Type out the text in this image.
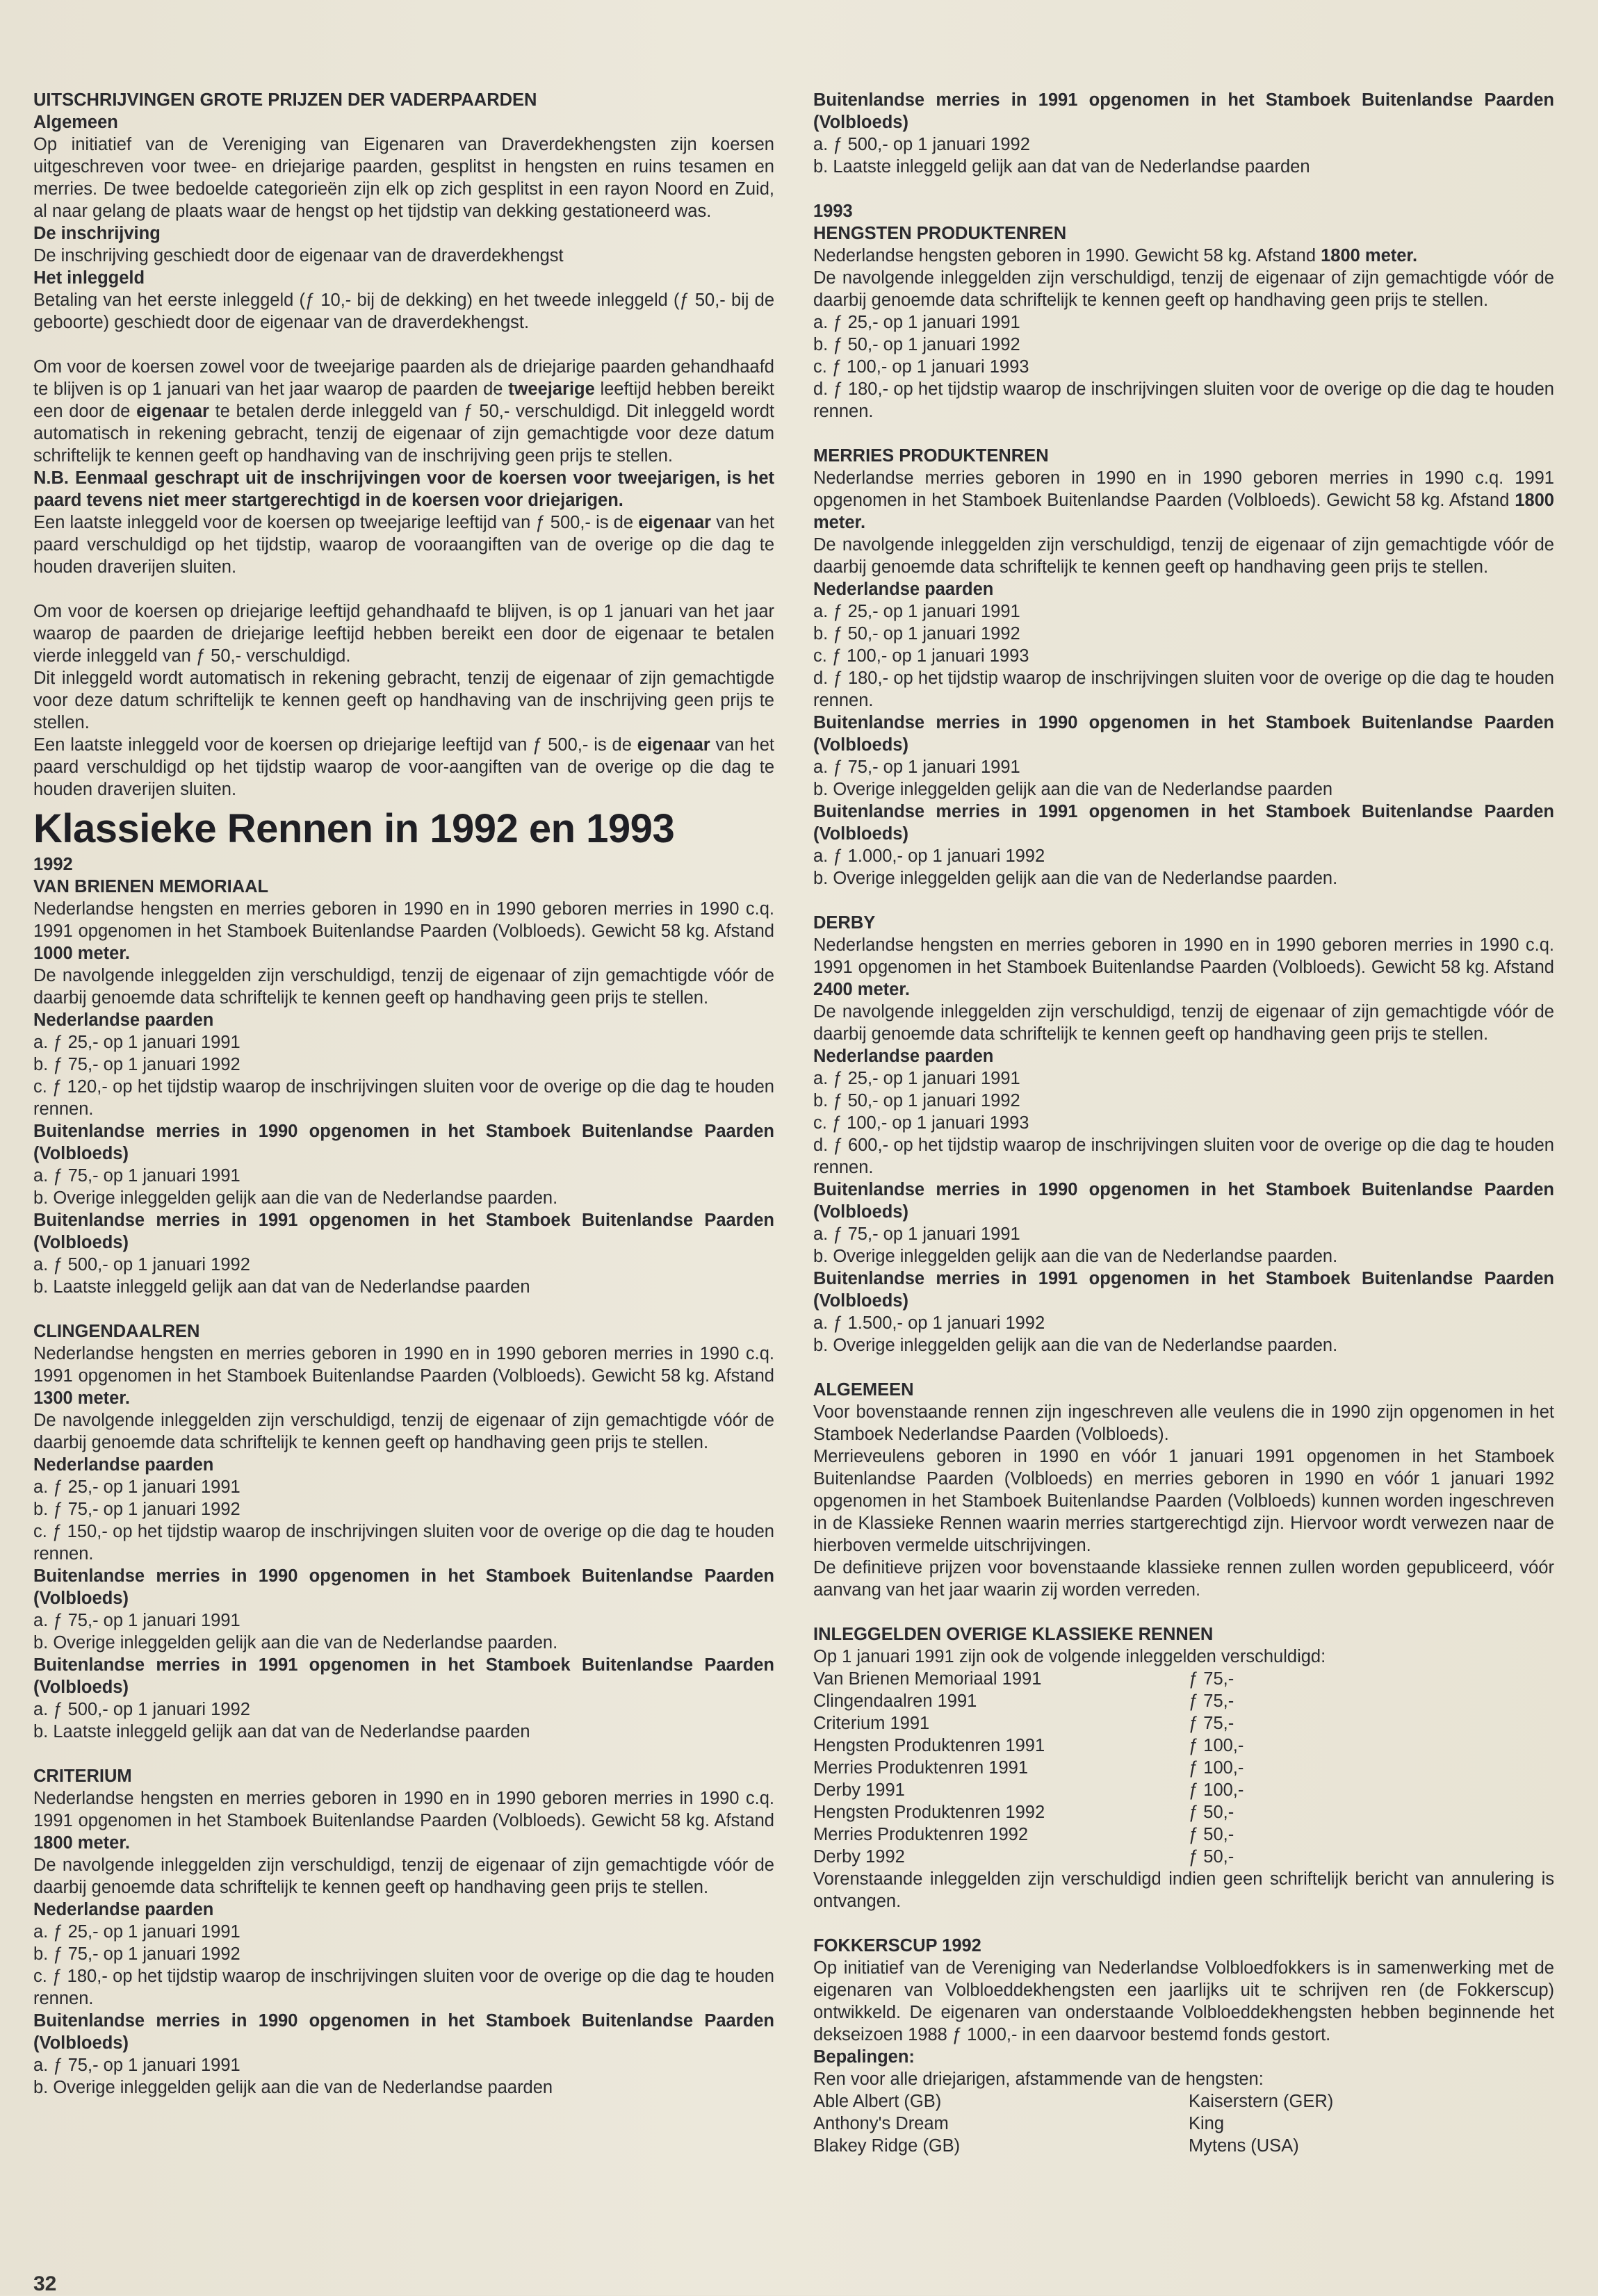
UITSCHRIJVINGEN GROTE PRIJZEN DER VADERPAARDEN

Algemeen

Op initiatief van de Vereniging van Eigenaren van Draverdekhengsten zijn koersen uitgeschreven voor twee- en driejarige paarden, gesplitst in hengsten en ruins tesamen en merries. De twee bedoelde categorieën zijn elk op zich gesplitst in een rayon Noord en Zuid, al naar gelang de plaats waar de hengst op het tijdstip van dekking gestationeerd was.

De inschrijving

De inschrijving geschiedt door de eigenaar van de draverdekhengst

Het inleggeld

Betaling van het eerste inleggeld (ƒ 10,- bij de dekking) en het tweede inleggeld (ƒ 50,- bij de geboorte) geschiedt door de eigenaar van de draverdekhengst.

Om voor de koersen zowel voor de tweejarige paarden als de driejarige paarden gehandhaafd te blijven is op 1 januari van het jaar waarop de paarden de tweejarige leeftijd hebben bereikt een door de eigenaar te betalen derde inleggeld van ƒ 50,- verschuldigd. Dit inleggeld wordt automatisch in rekening gebracht, tenzij de eigenaar of zijn gemachtigde voor deze datum schriftelijk te kennen geeft op handhaving van de inschrijving geen prijs te stellen.

N.B. Eenmaal geschrapt uit de inschrijvingen voor de koersen voor tweejarigen, is het paard tevens niet meer startgerechtigd in de koersen voor driejarigen.

Een laatste inleggeld voor de koersen op tweejarige leeftijd van ƒ 500,- is de eigenaar van het paard verschuldigd op het tijdstip, waarop de vooraangiften van de overige op die dag te houden draverijen sluiten.

Om voor de koersen op driejarige leeftijd gehandhaafd te blijven, is op 1 januari van het jaar waarop de paarden de driejarige leeftijd hebben bereikt een door de eigenaar te betalen vierde inleggeld van ƒ 50,- verschuldigd.

Dit inleggeld wordt automatisch in rekening gebracht, tenzij de eigenaar of zijn gemachtigde voor deze datum schriftelijk te kennen geeft op handhaving van de inschrijving geen prijs te stellen.

Een laatste inleggeld voor de koersen op driejarige leeftijd van ƒ 500,- is de eigenaar van het paard verschuldigd op het tijdstip waarop de voor-aangiften van de overige op die dag te houden draverijen sluiten.

Klassieke Rennen in 1992 en 1993

1992

VAN BRIENEN MEMORIAAL

Nederlandse hengsten en merries geboren in 1990 en in 1990 geboren merries in 1990 c.q. 1991 opgenomen in het Stamboek Buitenlandse Paarden (Volbloeds). Gewicht 58 kg. Afstand 1000 meter.

De navolgende inleggelden zijn verschuldigd, tenzij de eigenaar of zijn gemachtigde vóór de daarbij genoemde data schriftelijk te kennen geeft op handhaving geen prijs te stellen.

Nederlandse paarden

a. ƒ 25,- op 1 januari 1991

b. ƒ 75,- op 1 januari 1992

c. ƒ 120,- op het tijdstip waarop de inschrijvingen sluiten voor de overige op die dag te houden rennen.

Buitenlandse merries in 1990 opgenomen in het Stamboek Buitenlandse Paarden (Volbloeds)

a. ƒ 75,- op 1 januari 1991

b. Overige inleggelden gelijk aan die van de Nederlandse paarden.

Buitenlandse merries in 1991 opgenomen in het Stamboek Buitenlandse Paarden (Volbloeds)

a. ƒ 500,- op 1 januari 1992

b. Laatste inleggeld gelijk aan dat van de Nederlandse paarden

CLINGENDAALREN

Nederlandse hengsten en merries geboren in 1990 en in 1990 geboren merries in 1990 c.q. 1991 opgenomen in het Stamboek Buitenlandse Paarden (Volbloeds). Gewicht 58 kg. Afstand 1300 meter.

De navolgende inleggelden zijn verschuldigd, tenzij de eigenaar of zijn gemachtigde vóór de daarbij genoemde data schriftelijk te kennen geeft op handhaving geen prijs te stellen.

Nederlandse paarden

a. ƒ 25,- op 1 januari 1991

b. ƒ 75,- op 1 januari 1992

c. ƒ 150,- op het tijdstip waarop de inschrijvingen sluiten voor de overige op die dag te houden rennen.

Buitenlandse merries in 1990 opgenomen in het Stamboek Buitenlandse Paarden (Volbloeds)

a. ƒ 75,- op 1 januari 1991

b. Overige inleggelden gelijk aan die van de Nederlandse paarden.

Buitenlandse merries in 1991 opgenomen in het Stamboek Buitenlandse Paarden (Volbloeds)

a. ƒ 500,- op 1 januari 1992

b. Laatste inleggeld gelijk aan dat van de Nederlandse paarden

CRITERIUM

Nederlandse hengsten en merries geboren in 1990 en in 1990 geboren merries in 1990 c.q. 1991 opgenomen in het Stamboek Buitenlandse Paarden (Volbloeds). Gewicht 58 kg. Afstand 1800 meter.

De navolgende inleggelden zijn verschuldigd, tenzij de eigenaar of zijn gemachtigde vóór de daarbij genoemde data schriftelijk te kennen geeft op handhaving geen prijs te stellen.

Nederlandse paarden

a. ƒ 25,- op 1 januari 1991

b. ƒ 75,- op 1 januari 1992

c. ƒ 180,- op het tijdstip waarop de inschrijvingen sluiten voor de overige op die dag te houden rennen.

Buitenlandse merries in 1990 opgenomen in het Stamboek Buitenlandse Paarden (Volbloeds)

a. ƒ 75,- op 1 januari 1991

b. Overige inleggelden gelijk aan die van de Nederlandse paarden

Buitenlandse merries in 1991 opgenomen in het Stamboek Buitenlandse Paarden (Volbloeds)

a. ƒ 500,- op 1 januari 1992

b. Laatste inleggeld gelijk aan dat van de Nederlandse paarden

1993

HENGSTEN PRODUKTENREN

Nederlandse hengsten geboren in 1990. Gewicht 58 kg. Afstand 1800 meter.

De navolgende inleggelden zijn verschuldigd, tenzij de eigenaar of zijn gemachtigde vóór de daarbij genoemde data schriftelijk te kennen geeft op handhaving geen prijs te stellen.

a. ƒ 25,- op 1 januari 1991

b. ƒ 50,- op 1 januari 1992

c. ƒ 100,- op 1 januari 1993

d. ƒ 180,- op het tijdstip waarop de inschrijvingen sluiten voor de overige op die dag te houden rennen.

MERRIES PRODUKTENREN

Nederlandse merries geboren in 1990 en in 1990 geboren merries in 1990 c.q. 1991 opgenomen in het Stamboek Buitenlandse Paarden (Volbloeds). Gewicht 58 kg. Afstand 1800 meter.

De navolgende inleggelden zijn verschuldigd, tenzij de eigenaar of zijn gemachtigde vóór de daarbij genoemde data schriftelijk te kennen geeft op handhaving geen prijs te stellen.

Nederlandse paarden

a. ƒ 25,- op 1 januari 1991

b. ƒ 50,- op 1 januari 1992

c. ƒ 100,- op 1 januari 1993

d. ƒ 180,- op het tijdstip waarop de inschrijvingen sluiten voor de overige op die dag te houden rennen.

Buitenlandse merries in 1990 opgenomen in het Stamboek Buitenlandse Paarden (Volbloeds)

a. ƒ 75,- op 1 januari 1991

b. Overige inleggelden gelijk aan die van de Nederlandse paarden

Buitenlandse merries in 1991 opgenomen in het Stamboek Buitenlandse Paarden (Volbloeds)

a. ƒ 1.000,- op 1 januari 1992

b. Overige inleggelden gelijk aan die van de Nederlandse paarden.

DERBY

Nederlandse hengsten en merries geboren in 1990 en in 1990 geboren merries in 1990 c.q. 1991 opgenomen in het Stamboek Buitenlandse Paarden (Volbloeds). Gewicht 58 kg. Afstand 2400 meter.

De navolgende inleggelden zijn verschuldigd, tenzij de eigenaar of zijn gemachtigde vóór de daarbij genoemde data schriftelijk te kennen geeft op handhaving geen prijs te stellen.

Nederlandse paarden

a. ƒ 25,- op 1 januari 1991

b. ƒ 50,- op 1 januari 1992

c. ƒ 100,- op 1 januari 1993

d. ƒ 600,- op het tijdstip waarop de inschrijvingen sluiten voor de overige op die dag te houden rennen.

Buitenlandse merries in 1990 opgenomen in het Stamboek Buitenlandse Paarden (Volbloeds)

a. ƒ 75,- op 1 januari 1991

b. Overige inleggelden gelijk aan die van de Nederlandse paarden.

Buitenlandse merries in 1991 opgenomen in het Stamboek Buitenlandse Paarden (Volbloeds)

a. ƒ 1.500,- op 1 januari 1992

b. Overige inleggelden gelijk aan die van de Nederlandse paarden.

ALGEMEEN

Voor bovenstaande rennen zijn ingeschreven alle veulens die in 1990 zijn opgenomen in het Stamboek Nederlandse Paarden (Volbloeds).

Merrieveulens geboren in 1990 en vóór 1 januari 1991 opgenomen in het Stamboek Buitenlandse Paarden (Volbloeds) en merries geboren in 1990 en vóór 1 januari 1992 opgenomen in het Stamboek Buitenlandse Paarden (Volbloeds) kunnen worden ingeschreven in de Klassieke Rennen waarin merries startgerechtigd zijn. Hiervoor wordt verwezen naar de hierboven vermelde uitschrijvingen.

De definitieve prijzen voor bovenstaande klassieke rennen zullen worden gepubliceerd, vóór aanvang van het jaar waarin zij worden verreden.

INLEGGELDEN OVERIGE KLASSIEKE RENNEN

Op 1 januari 1991 zijn ook de volgende inleggelden verschuldigd:

Van Brienen Memoriaal 1991	ƒ 75,-
Clingendaalren 1991	ƒ 75,-
Criterium 1991	ƒ 75,-
Hengsten Produktenren 1991	ƒ 100,-
Merries Produktenren 1991	ƒ 100,-
Derby 1991	ƒ 100,-
Hengsten Produktenren 1992	ƒ 50,-
Merries Produktenren 1992	ƒ 50,-
Derby 1992	ƒ 50,-

Vorenstaande inleggelden zijn verschuldigd indien geen schriftelijk bericht van annulering is ontvangen.

FOKKERSCUP 1992

Op initiatief van de Vereniging van Nederlandse Volbloedfokkers is in samenwerking met de eigenaren van Volbloeddekhengsten een jaarlijks uit te schrijven ren (de Fokkerscup) ontwikkeld. De eigenaren van onderstaande Volbloeddekhengsten hebben beginnende het dekseizoen 1988 ƒ 1000,- in een daarvoor bestemd fonds gestort.

Bepalingen:

Ren voor alle driejarigen, afstammende van de hengsten:

Able Albert (GB)	Kaiserstern (GER)
Anthony's Dream	King
Blakey Ridge (GB)	Mytens (USA)
32
